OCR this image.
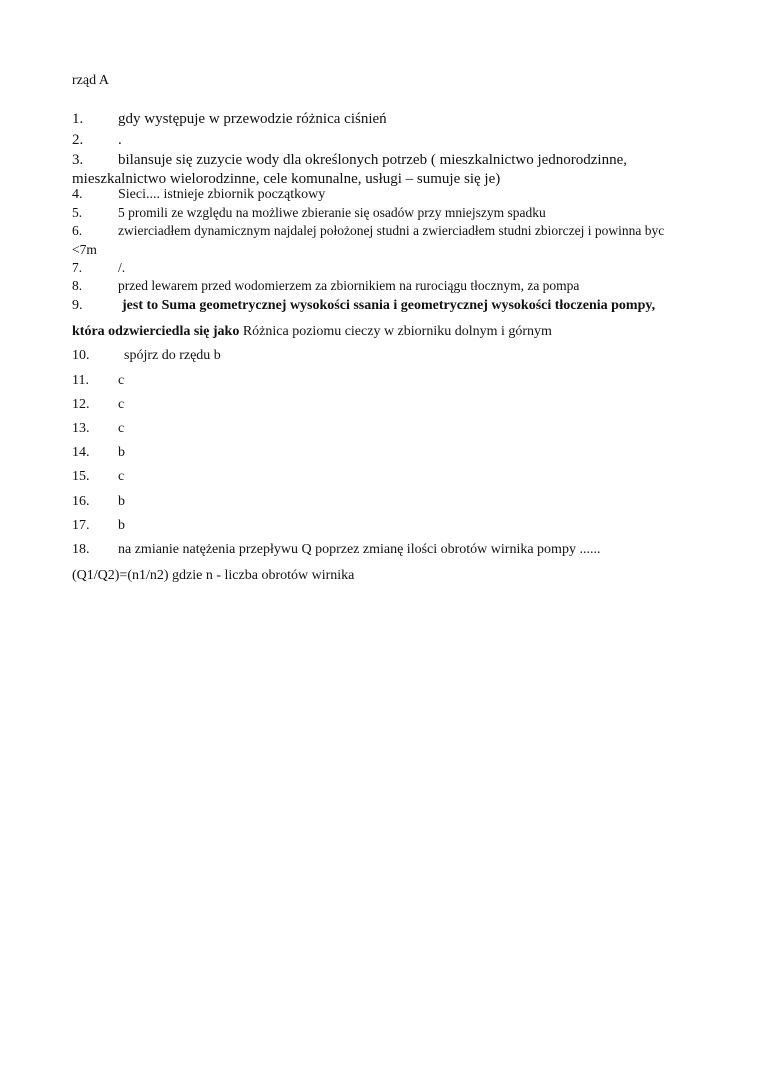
rząd A
1. gdy występuje w przewodzie różnica ciśnień
2. .
3. bilansuje się zuzycie wody dla określonych potrzeb ( mieszkalnictwo jednorodzinne,
mieszkalnictwo wielorodzinne, cele komunalne, usługi – sumuje się je)
4.	Sieci.... istnieje zbiornik początkowy
5.	5 promili ze względu na możliwe zbieranie się osadów przy mniejszym spadku
6.	zwierciadłem dynamicznym najdalej położonej studni a zwierciadłem studni zbiorczej i powinna byc
<7m
7.	/.
8.	przed lewarem przed wodomierzem za zbiornikiem na rurociągu tłocznym, za pompa
9.	jest to Suma geometrycznej wysokości ssania i geometrycznej wysokości tłoczenia pompy,
która odzwierciedla się jako Różnica poziomu cieczy w zbiorniku dolnym i górnym
10. spójrz do rzędu b
11. c
12. c
13. c
14. b
15. c
16. b
17. b
18. na zmianie natężenia przepływu Q poprzez zmianę ilości obrotów wirnika pompy ......
(Q1/Q2)=(n1/n2) gdzie n - liczba obrotów wirnika
